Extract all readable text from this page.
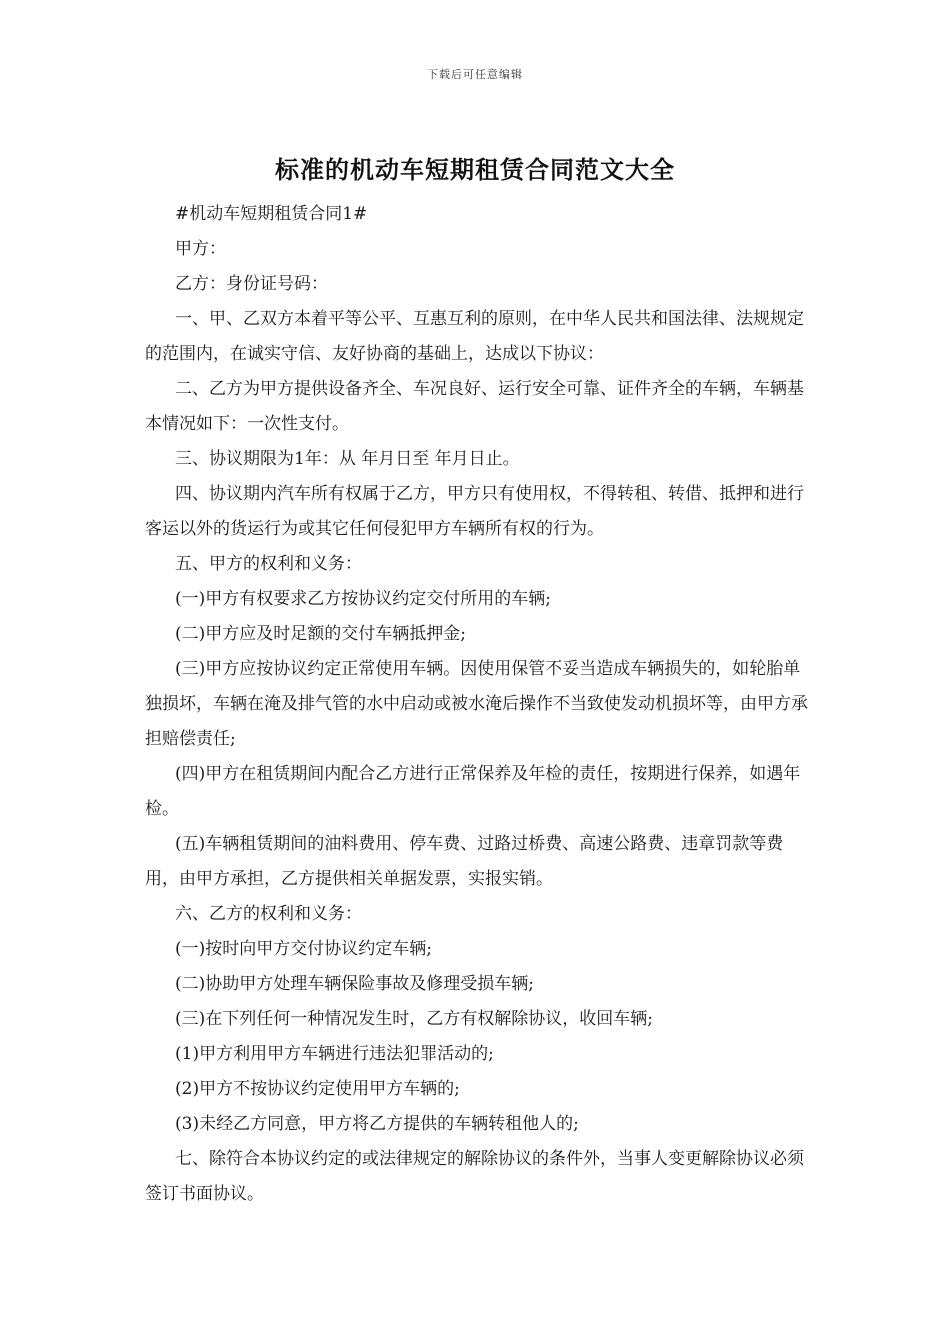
下载后可任意编辑
标准的机动车短期租赁合同范文大全

#机动车短期租赁合同1#

甲方：

乙方：身份证号码：

一、甲、乙双方本着平等公平、互惠互利的原则，在中华人民共和国法律、法规规定的范围内，在诚实守信、友好协商的基础上，达成以下协议：

二、乙方为甲方提供设备齐全、车况良好、运行安全可靠、证件齐全的车辆，车辆基本情况如下：一次性支付。

三、协议期限为1年：从 年月日至 年月日止。

四、协议期内汽车所有权属于乙方，甲方只有使用权，不得转租、转借、抵押和进行客运以外的货运行为或其它任何侵犯甲方车辆所有权的行为。

五、甲方的权利和义务：

(一)甲方有权要求乙方按协议约定交付所用的车辆;

(二)甲方应及时足额的交付车辆抵押金;

(三)甲方应按协议约定正常使用车辆。因使用保管不妥当造成车辆损失的，如轮胎单独损坏，车辆在淹及排气管的水中启动或被水淹后操作不当致使发动机损坏等，由甲方承担赔偿责任;

(四)甲方在租赁期间内配合乙方进行正常保养及年检的责任，按期进行保养，如遇年检。

(五)车辆租赁期间的油料费用、停车费、过路过桥费、高速公路费、违章罚款等费用，由甲方承担，乙方提供相关单据发票，实报实销。

六、乙方的权利和义务：

(一)按时向甲方交付协议约定车辆;

(二)协助甲方处理车辆保险事故及修理受损车辆;

(三)在下列任何一种情况发生时，乙方有权解除协议，收回车辆;

(1)甲方利用甲方车辆进行违法犯罪活动的;

(2)甲方不按协议约定使用甲方车辆的;

(3)未经乙方同意，甲方将乙方提供的车辆转租他人的;

七、除符合本协议约定的或法律规定的解除协议的条件外，当事人变更解除协议必须签订书面协议。
